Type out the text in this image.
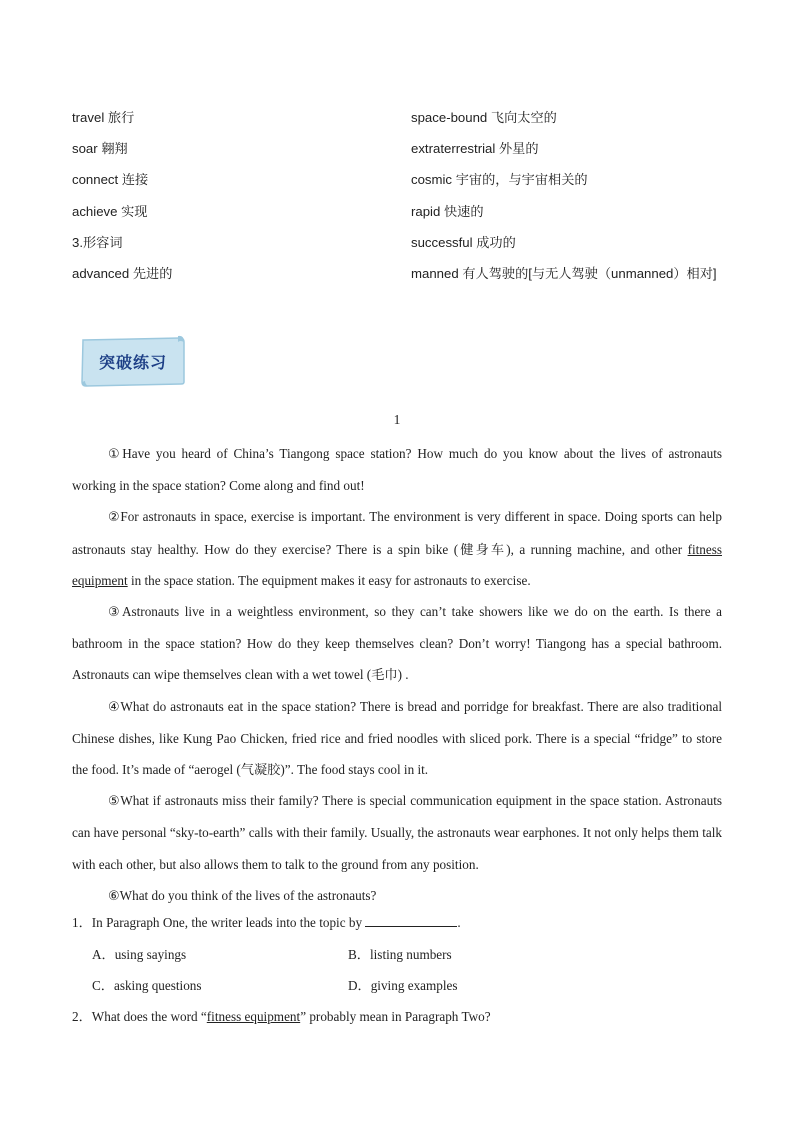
travel 旅行	space-bound 飞向太空的
soar 翱翔	extraterrestrial 外星的
connect 连接	cosmic 宇宙的，与宇宙相关的
achieve 实现	rapid 快速的
3.形容词	successful 成功的
advanced 先进的	manned 有人驾驶的[与无人驾驶（unmanned）相对]
突破练习
1

①Have you heard of China’s Tiangong space station? How much do you know about the lives of astronauts working in the space station? Come along and find out!

②For astronauts in space, exercise is important. The environment is very different in space. Doing sports can help astronauts stay healthy. How do they exercise? There is a spin bike (健身车), a running machine, and other fitness equipment in the space station. The equipment makes it easy for astronauts to exercise.

③Astronauts live in a weightless environment, so they can’t take showers like we do on the earth. Is there a bathroom in the space station? How do they keep themselves clean? Don’t worry! Tiangong has a special bathroom. Astronauts can wipe themselves clean with a wet towel (毛巾) .

④What do astronauts eat in the space station? There is bread and porridge for breakfast. There are also traditional Chinese dishes, like Kung Pao Chicken, fried rice and fried noodles with sliced pork. There is a special “fridge” to store the food. It’s made of “aerogel (气凝胶)”. The food stays cool in it.

⑤What if astronauts miss their family? There is special communication equipment in the space station. Astronauts can have personal “sky-to-earth” calls with their family. Usually, the astronauts wear earphones. It not only helps them talk with each other, but also allows them to talk to the ground from any position.

⑥What do you think of the lives of the astronauts?

1．In Paragraph One, the writer leads into the topic by	.
A．using sayings	B．listing numbers
C．asking questions	D．giving examples
2．What does the word “fitness equipment” probably mean in Paragraph Two?
